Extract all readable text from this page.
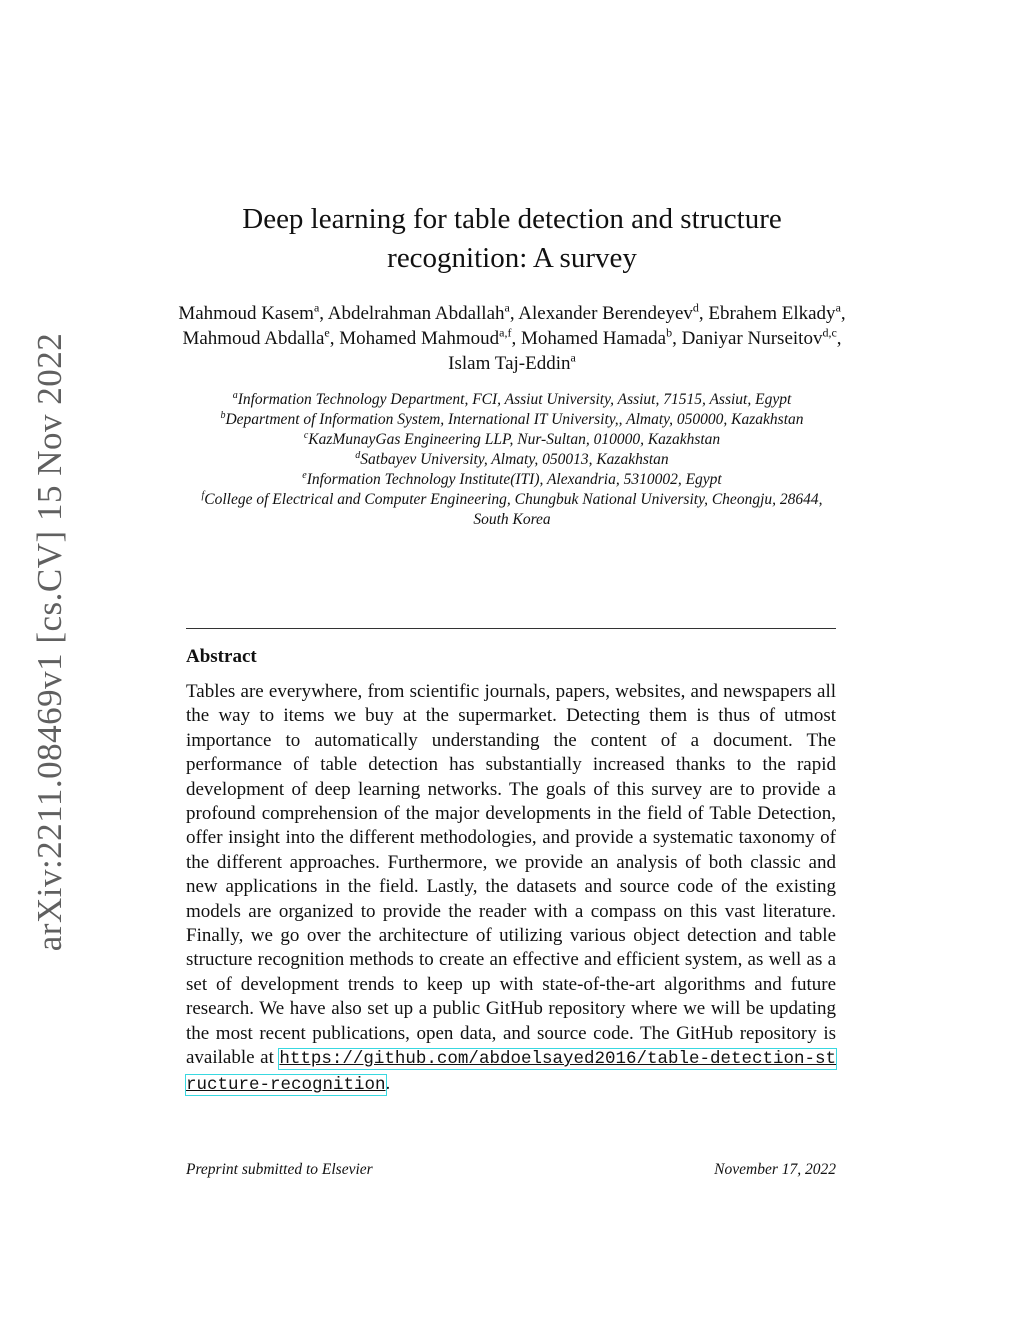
arXiv:2211.08469v1 [cs.CV] 15 Nov 2022
Deep learning for table detection and structure
recognition: A survey
Mahmoud Kasem$^a$, Abdelrahman Abdallah$^a$, Alexander Berendeyev$^d$, Ebrahem Elkady$^a$, Mahmoud Abdalla$^e$, Mohamed Mahmoud$^{a,f}$, Mohamed Hamada$^b$, Daniyar Nurseitov$^{d,c}$, Islam Taj-Eddin$^a$
$^a$Information Technology Department, FCI, Assiut University, Assiut, 71515, Assiut, Egypt
$^b$Department of Information System, International IT University,, Almaty, 050000, Kazakhstan
$^c$KazMunayGas Engineering LLP, Nur-Sultan, 010000, Kazakhstan
$^d$Satbayev University, Almaty, 050013, Kazakhstan
$^e$Information Technology Institute(ITI), Alexandria, 5310002, Egypt
$^f$College of Electrical and Computer Engineering, Chungbuk National University, Cheongju, 28644, South Korea
Abstract
Tables are everywhere, from scientific journals, papers, websites, and newspapers all the way to items we buy at the supermarket. Detecting them is thus of utmost importance to automatically understanding the content of a document. The performance of table detection has substantially increased thanks to the rapid development of deep learning networks. The goals of this survey are to provide a profound comprehension of the major developments in the field of Table Detection, offer insight into the different methodologies, and provide a systematic taxonomy of the different approaches. Furthermore, we provide an analysis of both classic and new applications in the field. Lastly, the datasets and source code of the existing models are organized to provide the reader with a compass on this vast literature. Finally, we go over the architecture of utilizing various object detection and table structure recognition methods to create an effective and efficient system, as well as a set of development trends to keep up with state-of-the-art algorithms and future research. We have also set up a public GitHub repository where we will be updating the most recent publications, open data, and source code. The GitHub repository is available at https://github.com/abdoelsayed2016/table-detection-structure-recognition.
Preprint submitted to Elsevier	November 17, 2022
